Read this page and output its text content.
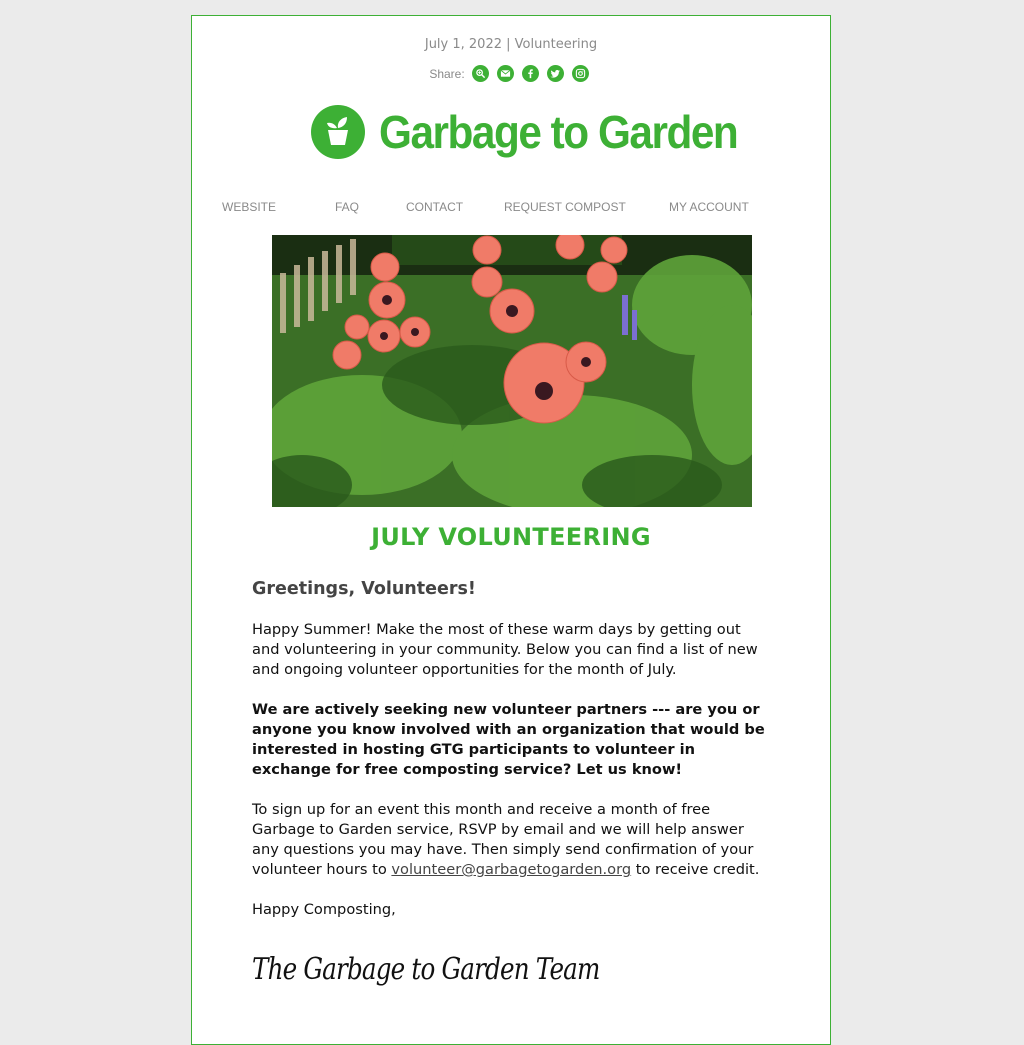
July 1, 2022 | Volunteering
Share:
Garbage to Garden
WEBSITE	FAQ	CONTACT	REQUEST COMPOST	MY ACCOUNT
JULY VOLUNTEERING
Greetings, Volunteers!

Happy Summer! Make the most of these warm days by getting out and volunteering in your community. Below you can find a list of new and ongoing volunteer opportunities for the month of July.

We are actively seeking new volunteer partners --- are you or anyone you know involved with an organization that would be interested in hosting GTG participants to volunteer in exchange for free composting service? Let us know!

To sign up for an event this month and receive a month of free Garbage to Garden service, RSVP by email and we will help answer any questions you may have. Then simply send confirmation of your volunteer hours to volunteer@garbagetogarden.org to receive credit.

Happy Composting,

The Garbage to Garden Team
